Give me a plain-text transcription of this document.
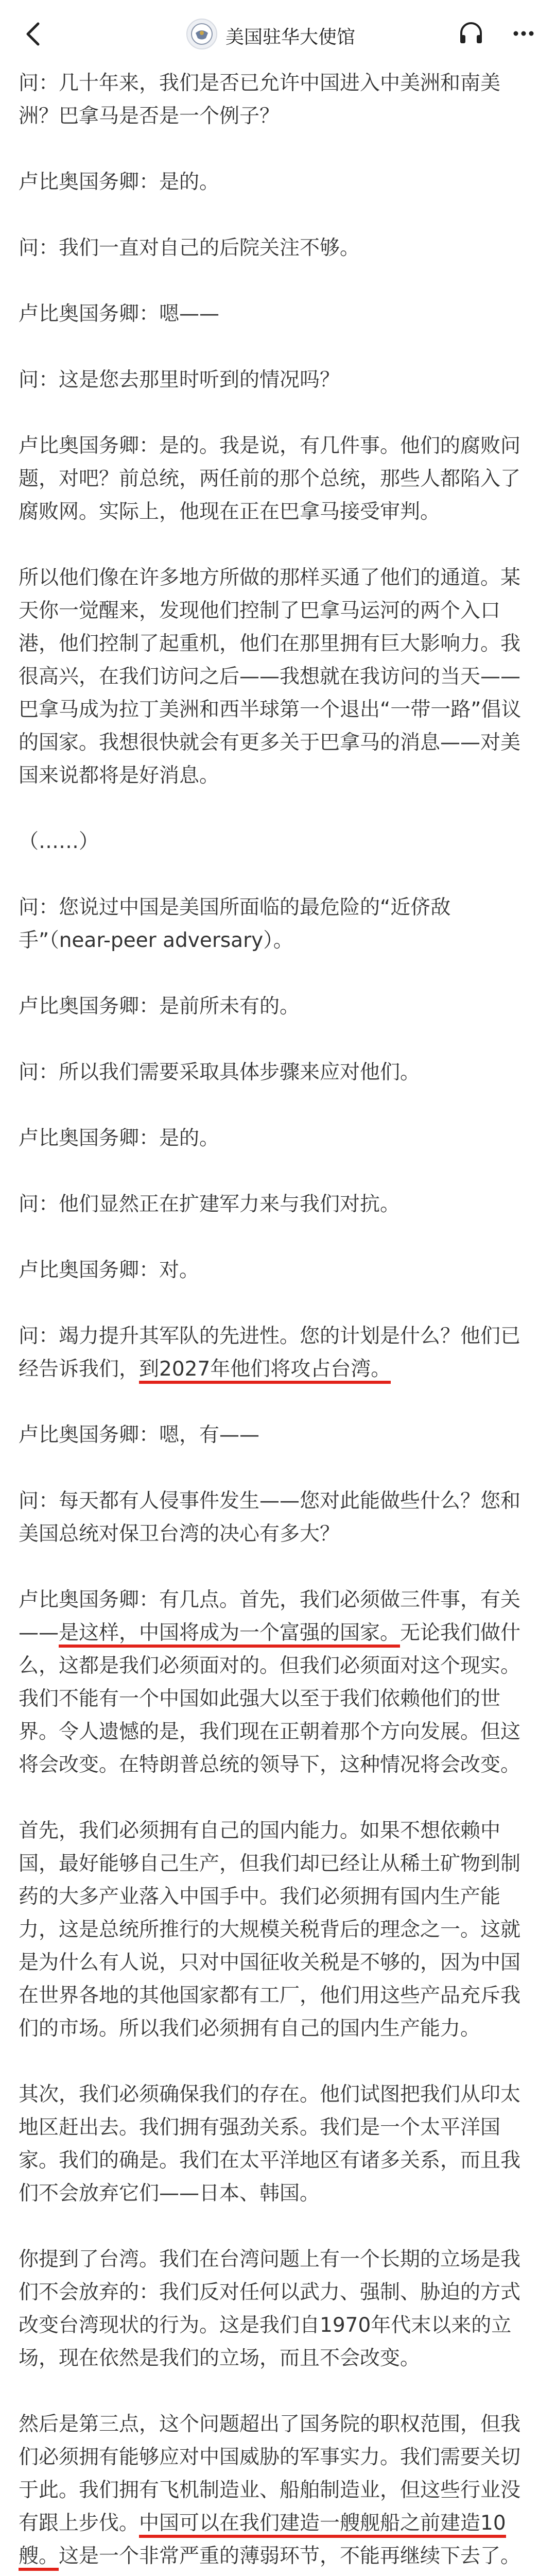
美国驻华大使馆

问：几十年来，我们是否已允许中国进入中美洲和南美洲？巴拿马是否是一个例子？

卢比奥国务卿：是的。

问：我们一直对自己的后院关注不够。

卢比奥国务卿：嗯——

问：这是您去那里时听到的情况吗？

卢比奥国务卿：是的。我是说，有几件事。他们的腐败问题，对吧？前总统，两任前的那个总统，那些人都陷入了腐败网。实际上，他现在正在巴拿马接受审判。

所以他们像在许多地方所做的那样买通了他们的通道。某天你一觉醒来，发现他们控制了巴拿马运河的两个入口港，他们控制了起重机，他们在那里拥有巨大影响力。我很高兴，在我们访问之后——我想就在我访问的当天——巴拿马成为拉丁美洲和西半球第一个退出“一带一路”倡议的国家。我想很快就会有更多关于巴拿马的消息——对美国来说都将是好消息。

（……）

问：您说过中国是美国所面临的最危险的“近侪敌手”（near-peer adversary）。

卢比奥国务卿：是前所未有的。

问：所以我们需要采取具体步骤来应对他们。

卢比奥国务卿：是的。

问：他们显然正在扩建军力来与我们对抗。

卢比奥国务卿：对。

问：竭力提升其军队的先进性。您的计划是什么？他们已经告诉我们，到2027年他们将攻占台湾。

卢比奥国务卿：嗯，有——

问：每天都有人侵事件发生——您对此能做些什么？您和美国总统对保卫台湾的决心有多大？

卢比奥国务卿：有几点。首先，我们必须做三件事，有关——是这样，中国将成为一个富强的国家。无论我们做什么，这都是我们必须面对的。但我们必须面对这个现实。我们不能有一个中国如此强大以至于我们依赖他们的世界。令人遗憾的是，我们现在正朝着那个方向发展。但这将会改变。在特朗普总统的领导下，这种情况将会改变。

首先，我们必须拥有自己的国内能力。如果不想依赖中国，最好能够自己生产，但我们却已经让从稀土矿物到制药的大多产业落入中国手中。我们必须拥有国内生产能力，这是总统所推行的大规模关税背后的理念之一。这就是为什么有人说，只对中国征收关税是不够的，因为中国在世界各地的其他国家都有工厂，他们用这些产品充斥我们的市场。所以我们必须拥有自己的国内生产能力。

其次，我们必须确保我们的存在。他们试图把我们从印太地区赶出去。我们拥有强劲关系。我们是一个太平洋国家。我们的确是。我们在太平洋地区有诸多关系，而且我们不会放弃它们——日本、韩国。

你提到了台湾。我们在台湾问题上有一个长期的立场是我们不会放弃的：我们反对任何以武力、强制、胁迫的方式改变台湾现状的行为。这是我们自1970年代末以来的立场，现在依然是我们的立场，而且不会改变。

然后是第三点，这个问题超出了国务院的职权范围，但我们必须拥有能够应对中国威胁的军事实力。我们需要关切于此。我们拥有飞机制造业、船舶制造业，但这些行业没有跟上步伐。中国可以在我们建造一艘舰船之前建造10艘。这是一个非常严重的薄弱环节，不能再继续下去了。
